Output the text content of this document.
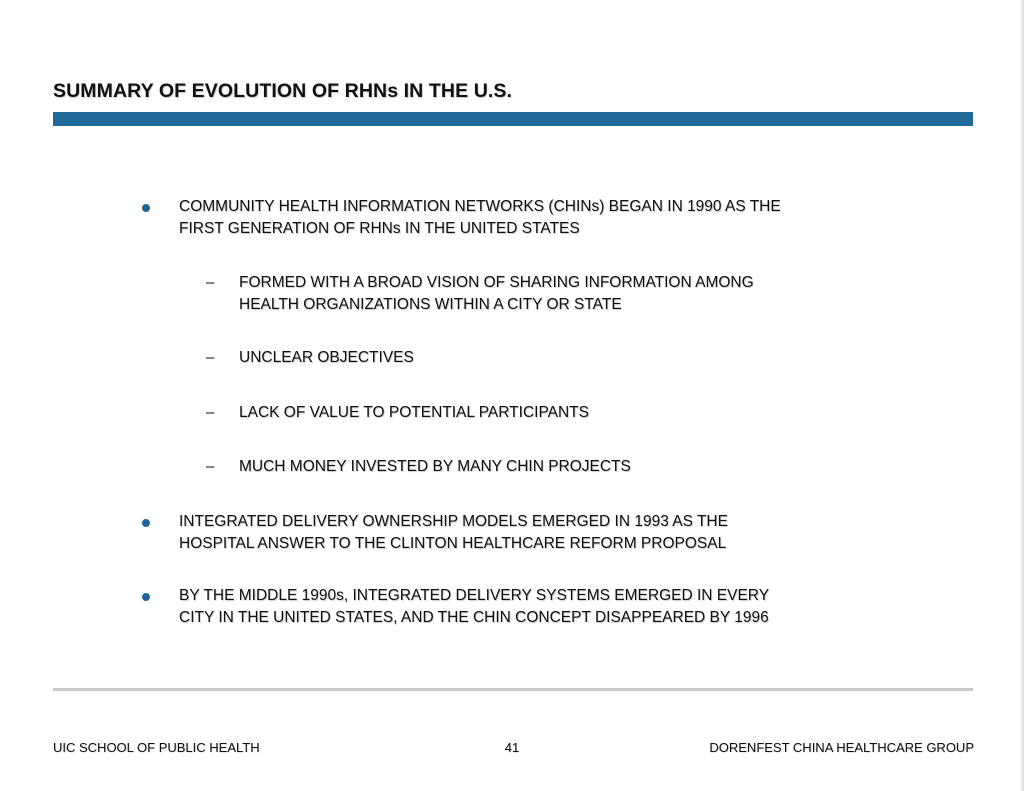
SUMMARY OF EVOLUTION OF RHNs IN THE U.S.
COMMUNITY HEALTH INFORMATION NETWORKS (CHINs) BEGAN IN 1990 AS THE
FIRST GENERATION OF RHNs IN THE UNITED STATES
– FORMED WITH A BROAD VISION OF SHARING INFORMATION AMONG
HEALTH ORGANIZATIONS WITHIN A CITY OR STATE
– UNCLEAR OBJECTIVES
– LACK OF VALUE TO POTENTIAL PARTICIPANTS
– MUCH MONEY INVESTED BY MANY CHIN PROJECTS
INTEGRATED DELIVERY OWNERSHIP MODELS EMERGED IN 1993 AS THE
HOSPITAL ANSWER TO THE CLINTON HEALTHCARE REFORM PROPOSAL
BY THE MIDDLE 1990s, INTEGRATED DELIVERY SYSTEMS EMERGED IN EVERY
CITY IN THE UNITED STATES, AND THE CHIN CONCEPT DISAPPEARED BY 1996
UIC SCHOOL OF PUBLIC HEALTH	41	DORENFEST CHINA HEALTHCARE GROUP
